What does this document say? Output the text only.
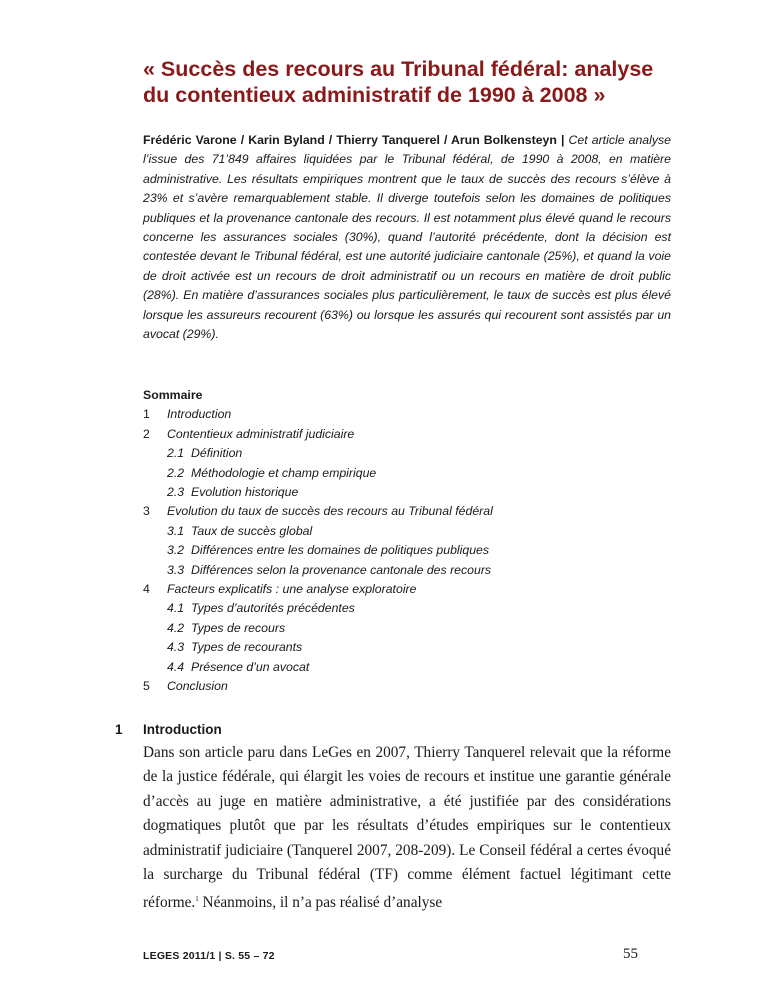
« Succès des recours au Tribunal fédéral: analyse du contentieux administratif de 1990 à 2008 »

Frédéric Varone / Karin Byland / Thierry Tanquerel / Arun Bolkensteyn | Cet article analyse l’issue des 71’849 affaires liquidées par le Tribunal fédéral, de 1990 à 2008, en matière administrative. Les résultats empiriques montrent que le taux de succès des recours s’élève à 23% et s’avère remarquablement stable. Il diverge toutefois selon les domaines de politiques publiques et la provenance cantonale des recours. Il est notamment plus élevé quand le recours concerne les assurances sociales (30%), quand l’autorité précédente, dont la décision est contestée devant le Tribunal fédéral, est une autorité judiciaire cantonale (25%), et quand la voie de droit activée est un recours de droit administratif ou un recours en matière de droit public (28%). En matière d’assurances sociales plus particulièrement, le taux de succès est plus élevé lorsque les assureurs recourent (63%) ou lorsque les assurés qui recourent sont assistés par un avocat (29%).

Sommaire
1	Introduction
2	Contentieux administratif judiciaire
2.1 Définition
2.2 Méthodologie et champ empirique
2.3 Evolution historique
3	Evolution du taux de succès des recours au Tribunal fédéral
3.1 Taux de succès global
3.2 Différences entre les domaines de politiques publiques
3.3 Différences selon la provenance cantonale des recours
4	Facteurs explicatifs : une analyse exploratoire
4.1 Types d’autorités précédentes
4.2 Types de recours
4.3 Types de recourants
4.4 Présence d’un avocat
5	Conclusion
1 Introduction

Dans son article paru dans LeGes en 2007, Thierry Tanquerel relevait que la réforme de la justice fédérale, qui élargit les voies de recours et institue une garantie générale d’accès au juge en matière administrative, a été justifiée par des considérations dogmatiques plutôt que par les résultats d’études empiriques sur le contentieux administratif judiciaire (Tanquerel 2007, 208-209). Le Conseil fédéral a certes évoqué la surcharge du Tribunal fédéral (TF) comme élément factuel légitimant cette réforme.$^1$ Néanmoins, il n’a pas réalisé d’analyse

LEGES 2011/1 | S. 55 – 72	55
